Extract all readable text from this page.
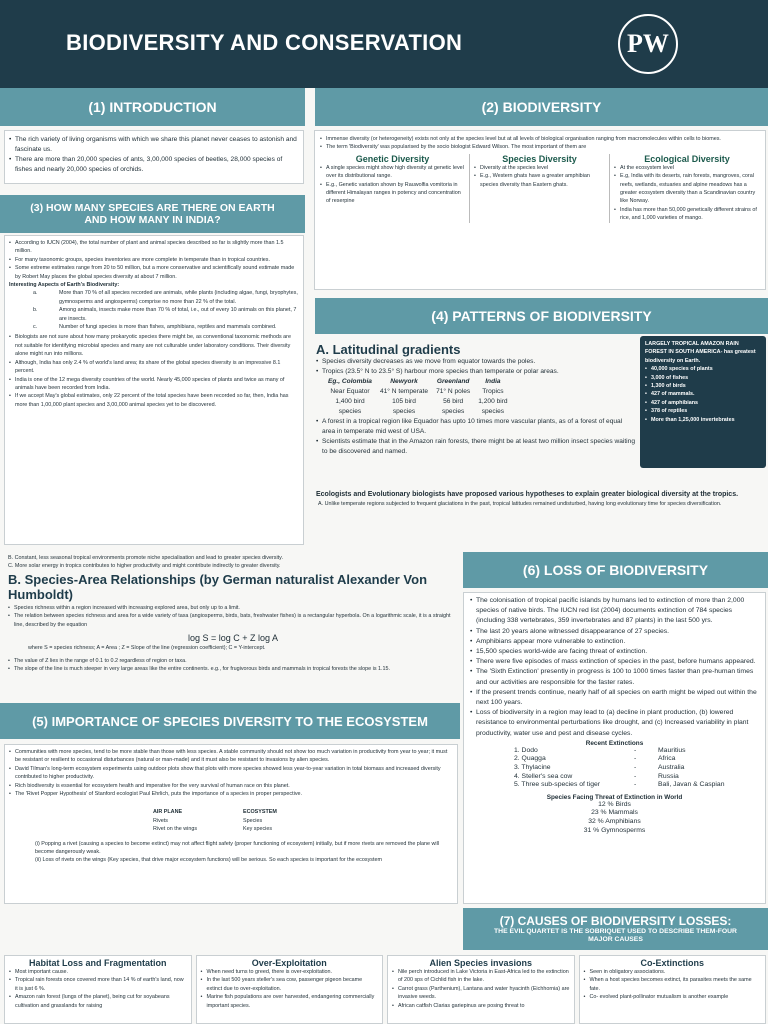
BIODIVERSITY AND CONSERVATION	PW
(1) INTRODUCTION
• The rich variety of living organisms with which we share this planet never ceases to astonish and fascinate us.
• There are more than 20,000 species of ants, 3,00,000 species of beetles, 28,000 species of fishes and nearly 20,000 species of orchids.
(2) BIODIVERSITY
• Immense diversity (or heterogeneity) exists not only at the species level but at all levels of biological organisation ranging from macromolecules within cells to biomes.
• The term 'Biodiversity' was popularised by the socio biologist Edward Wilson. The most important of them are
Genetic Diversity
• A single species might show high diversity at genetic level over its distributional range.
• E.g., Genetic variation shown by Rauwolfia vomitoria in different Himalayan ranges in potency and concentration of reserpine
Species Diversity
• Diversity at the species level
• E.g., Western ghats have a greater amphibian species diversity than Eastern ghats.
Ecological Diversity
• At the ecosystem level
• E.g, India with its deserts, rain forests, mangroves, coral reefs, wetlands, estuaries and alpine meadows has a greater ecosystem diversity than a Scandinavian country like Norway.
• India has more than 50,000 genetically different strains of rice, and 1,000 varieties of mango.
(3) HOW MANY SPECIES ARE THERE ON EARTH AND HOW MANY IN INDIA?
• According to IUCN (2004), the total number of plant and animal species described so far is slightly more than 1.5 million.
• For many taxonomic groups, species inventories are more complete in temperate than in tropical countries.
• Some extreme estimates range from 20 to 50 million, but a more conservative and scientifically sound estimate made by Robert May places the global species diversity at about 7 million.
Interesting Aspects of Earth's Biodiversity:
a.	More than 70 % of all species recorded are animals, while plants (including algae, fungi, bryophytes, gymnosperms and angiosperms) comprise no more than 22 % of the total.
b.	Among animals, insects make more than 70 % of total, i.e., out of every 10 animals on this planet, 7 are insects.
c.	Number of fungi species is more than fishes, amphibians, reptiles and mammals combined.
• Biologists are not sure about how many prokaryotic species there might be, as conventional taxonomic methods are not suitable for identifying microbial species and many are not culturable under laboratory conditions. Their diversity alone might run into millions.
• Although, India has only 2.4 % of world's land area; its share of the global species diversity is an impressive 8.1 percent.
• India is one of the 12 mega diversity countries of the world. Nearly 45,000 species of plants and twice as many of animals have been recorded from India.
• If we accept May's global estimates, only 22 percent of the total species have been recorded so far, then, India has more than 1,00,000 plant species and 3,00,000 animal species yet to be discovered.
(4) PATTERNS OF BIODIVERSITY
A. Latitudinal gradients
• Species diversity decreases as we move from equator towards the poles.
• Tropics (23.5° N to 23.5° S) harbour more species than temperate or polar areas.
Eg., Colombia	Newyork	Greenland	India
Near Equator	41° N temperate	71° N poles	Tropics
1,400 bird	105 bird	56 bird	1,200 bird
species	species	species	species
• A forest in a tropical region like Equador has upto 10 times more vascular plants, as of a forest of equal area in temperate mid west of USA.
• Scientists estimate that in the Amazon rain forests, there might be at least two million insect species waiting to be discovered and named.
LARGELY TROPICAL AMAZON RAIN FOREST IN SOUTH AMERICA- has greatest biodiversity on Earth.
• 40,000 species of plants
• 3,000 of fishes
• 1,300 of birds
• 427 of mammals.
• 427 of amphibians
• 378 of reptiles
• More than 1,25,000 invertebrates
Ecologists and Evolutionary biologists have proposed various hypotheses to explain greater biological diversity at the tropics.
A. Unlike temperate regions subjected to frequent glaciations in the past, tropical latitudes remained undisturbed, having long evolutionary time for species diversification.
B. Constant, less seasonal tropical environments promote niche specialisation and lead to greater species diversity.
C. More solar energy in tropics contributes to higher productivity and might contribute indirectly to greater diversity.
B. Species-Area Relationships (by German naturalist Alexander Von Humboldt)
• Species richness within a region increased with increasing explored area, but only up to a limit.
• The relation between species richness and area for a wide variety of taxa (angiosperms, birds, bats, freshwater fishes) is a rectangular hyperbola. On a logarithmic scale, it is a straight line, described by the equation
log S = log C + Z log A
where S = species richness; A = Area ; Z = Slope of the line (regression coefficient); C = Y-intercept.
• The value of Z lies in the range of 0.1 to 0.2 regardless of region or taxa.
• The slope of the line is much steeper in very large areas like the entire continents. e.g., for frugivorous birds and mammals in tropical forests the slope is 1.15.
(5) IMPORTANCE OF SPECIES DIVERSITY TO THE ECOSYSTEM
• Communities with more species, tend to be more stable than those with less species. A stable community should not show too much variation in productivity from year to year; it must be resistant or resilient to occasional disturbances (natural or man-made) and it must also be resistant to invasions by alien species.
• David Tilman's long-term ecosystem experiments using outdoor plots show that plots with more species showed less year-to-year variation in total biomass and increased diversity contributed to higher productivity.
• Rich biodiversity is essential for ecosystem health and imperative for the very survival of human race on this planet.
• The 'Rivet Popper Hypothesis' of Stanford ecologist Paul Ehrlich, puts the importance of a species in proper perspective.
AIR PLANE	ECOSYSTEM
Rivets	Species
Rivet on the wings	Key species
(i) Popping a rivet (causing a species to become extinct) may not affect flight safety (proper functioning of ecosystem) initially, but if more rivets are removed the plane will become dangerously weak.
(ii) Loss of rivets on the wings (Key species, that drive major ecosystem functions) will be serious. So each species is important for the ecosystem
(6) LOSS OF BIODIVERSITY
• The colonisation of tropical pacific islands by humans led to extinction of more than 2,000 species of native birds. The IUCN red list (2004) documents extinction of 784 species (including 338 vertebrates, 359 invertebrates and 87 plants) in the last 500 yrs.
• The last 20 years alone witnessed disappearance of 27 species.
• Amphibians appear more vulnerable to extinction.
• 15,500 species world-wide are facing threat of extinction.
• There were five episodes of mass extinction of species in the past, before humans appeared.
• The 'Sixth Extinction' presently in progress is 100 to 1000 times faster than pre-human times and our activities are responsible for the faster rates.
• If the present trends continue, nearly half of all species on earth might be wiped out within the next 100 years.
• Loss of biodiversity in a region may lead to (a) decline in plant production, (b) lowered resistance to environmental perturbations like drought, and (c) Increased variability in plant productivity, water use and pest and disease cycles.
Recent Extinctions
1. Dodo	-	Mauritius
2. Quagga	-	Africa
3. Thylacine	-	Australia
4. Steller's sea cow	-	Russia
5. Three sub-species of tiger	-	Bali, Javan & Caspian
Species Facing Threat of Extinction in World
12 % Birds
23 % Mammals
32 % Amphibians
31 % Gymnosperms
(7) CAUSES OF BIODIVERSITY LOSSES:
THE EVIL QUARTET IS THE SOBRIQUET USED TO DESCRIBE THEM-FOUR MAJOR CAUSES
Habitat Loss and Fragmentation
• Most important cause.
• Tropical rain forests once covered more than 14 % of earth's land, now it is just 6 %.
• Amazon rain forest (lungs of the planet), being cut for soyabeans cultivation and grasslands for raising
Over-Exploitation
• When need turns to greed, there is over-exploitation.
• In the last 500 years steller's sea cow, passenger pigeon became extinct due to over-exploitation.
• Marine fish populations are over harvested, endangering commercially important species.
Alien Species invasions
• Nile perch introduced in Lake Victoria in East-Africa led to the extinction of 200 sps of Cichlid fish in the lake.
• Carrot grass (Parthenium), Lantana and water hyacinth (Eichhornia) are invasive weeds.
• African catfish Clarias gariepinus are posing threat to
Co-Extinctions
• Seen in obligatory associations.
• When a host species becomes extinct, its parasites meets the same fate.
• Co- evolved plant-pollinator mutualism is another example
